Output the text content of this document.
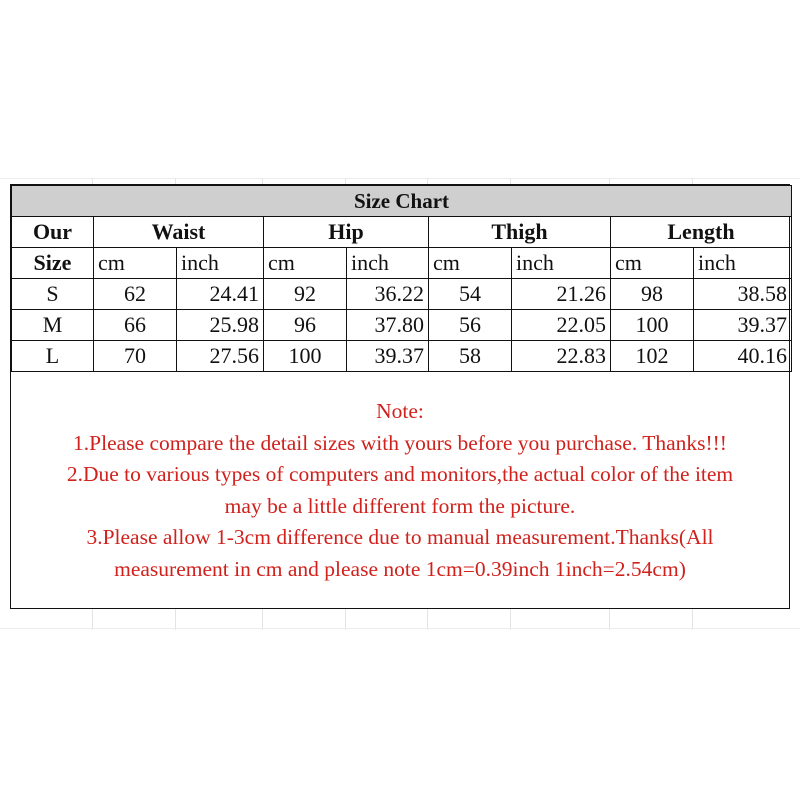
Size Chart								
Our	Waist		Hip		Thigh		Length	
Size	cm	inch	cm	inch	cm	inch	cm	inch
S	62	24.41	92	36.22	54	21.26	98	38.58
M	66	25.98	96	37.80	56	22.05	100	39.37
L	70	27.56	100	39.37	58	22.83	102	40.16
Note:
1.Please compare the detail sizes with yours before you purchase. Thanks!!!
2.Due to various types of computers and monitors,the actual color of the item
may be a little different form the picture.
3.Please allow 1-3cm difference due to manual measurement.Thanks(All
measurement in cm and please note 1cm=0.39inch 1inch=2.54cm)
